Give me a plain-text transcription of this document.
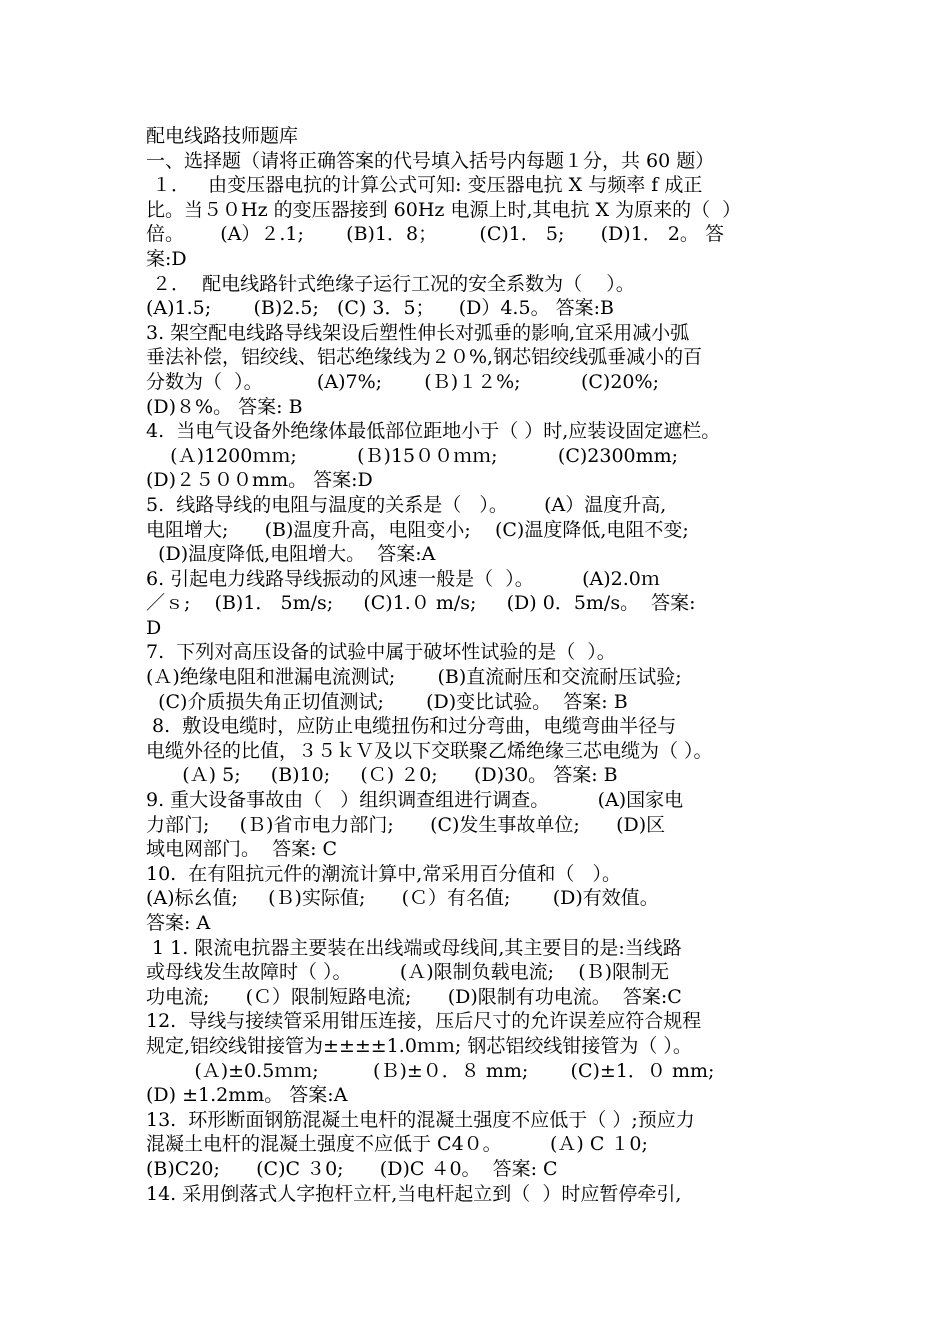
配电线路技师题库
一、选择题（请将正确答案的代号填入括号内每题１分，共 60 题）
１．   由变压器电抗的计算公式可知: 变压器电抗 X 与频率 f 成正
比。当５０Hz 的变压器接到 60Hz 电源上时,其电抗 X 为原来的（  ）
倍。      (A）２.1;       (B)1．8；       (C)1． 5;      (D)1． 2。 答
案:D
２．  配电线路针式绝缘子运行工况的安全系数为（    ）。
(A)1.5;       (B)2.5;   (C) 3．5；    (D）4.5。 答案:B
3. 架空配电线路导线架设后塑性伸长对弧垂的影响,宜采用减小弧
垂法补偿，铝绞线、铝芯绝缘线为２０%,钢芯铝绞线弧垂减小的百
分数为（  ）。         (A)7%;       (Ｂ)１２%;          (C)20%;
(D)８%。 答案: B
4.  当电气设备外绝缘体最低部位距地小于（ ）时,应装设固定遮栏。
(Ａ)1200ｍｍ;          (Ｂ)15００ｍｍ;          (C)2300mm;
(D)２５００mm。 答案:D
5.  线路导线的电阻与温度的关系是（   ）。      (A）温度升高,
电阻增大;      (B)温度升高，电阻变小;    (C)温度降低,电阻不变;
(D)温度降低,电阻增大。  答案:A
6. 引起电力线路导线振动的风速一般是（  ）。        (A)2.0ｍ
／ｓ;    (B)1． 5m/s;     (C)1.０ m/s;     (D) 0．5m/s。  答案:
D
7.  下列对高压设备的试验中属于破坏性试验的是（  ）。
(Ａ)绝缘电阻和泄漏电流测试;       (B)直流耐压和交流耐压试验;
(C)介质损失角正切值测试;       (D)变比试验。  答案: B
8.  敷设电缆时，应防止电缆扭伤和过分弯曲，电缆弯曲半径与
电缆外径的比值，３５ｋＶ及以下交联聚乙烯绝缘三芯电缆为（ ）。
(Ａ) 5;     (B)10;     (Ｃ) ２0;      (D)30。 答案: B
9. 重大设备事故由（   ）组织调查组进行调查。        (A)国家电
力部门;     (Ｂ)省市电力部门;      (C)发生事故单位;      (D)区
域电网部门。  答案: C
10.  在有阻抗元件的潮流计算中,常采用百分值和（   ）。
(A)标幺值;     (Ｂ)实际值;      (Ｃ）有名值;       (D)有效值。
答案: A
1 1. 限流电抗器主要装在出线端或母线间,其主要目的是:当线路
或母线发生故障时（ ）。        (Ａ)限制负载电流;    (Ｂ)限制无
功电流;      (Ｃ）限制短路电流;      (D)限制有功电流。  答案:C
12.  导线与接续管采用钳压连接，压后尺寸的允许误差应符合规程
规定,铝绞线钳接管为±±±±1.0ｍｍ; 钢芯铝绞线钳接管为（ ）。
(Ａ)±0.5ｍｍ;         (Ｂ)±０．８ mm;       (C)±1．０ mm;
(D) ±1.2mm。 答案:A
13.  环形断面钢筋混凝土电杆的混凝土强度不应低于（ ）;预应力
混凝土电杆的混凝土强度不应低于 C4０。        (Ａ) C １0;
(B)C20;      (C)C ３0;      (D)C ４0。  答案: C
14. 采用倒落式人字抱杆立杆,当电杆起立到（  ）时应暂停牵引,
